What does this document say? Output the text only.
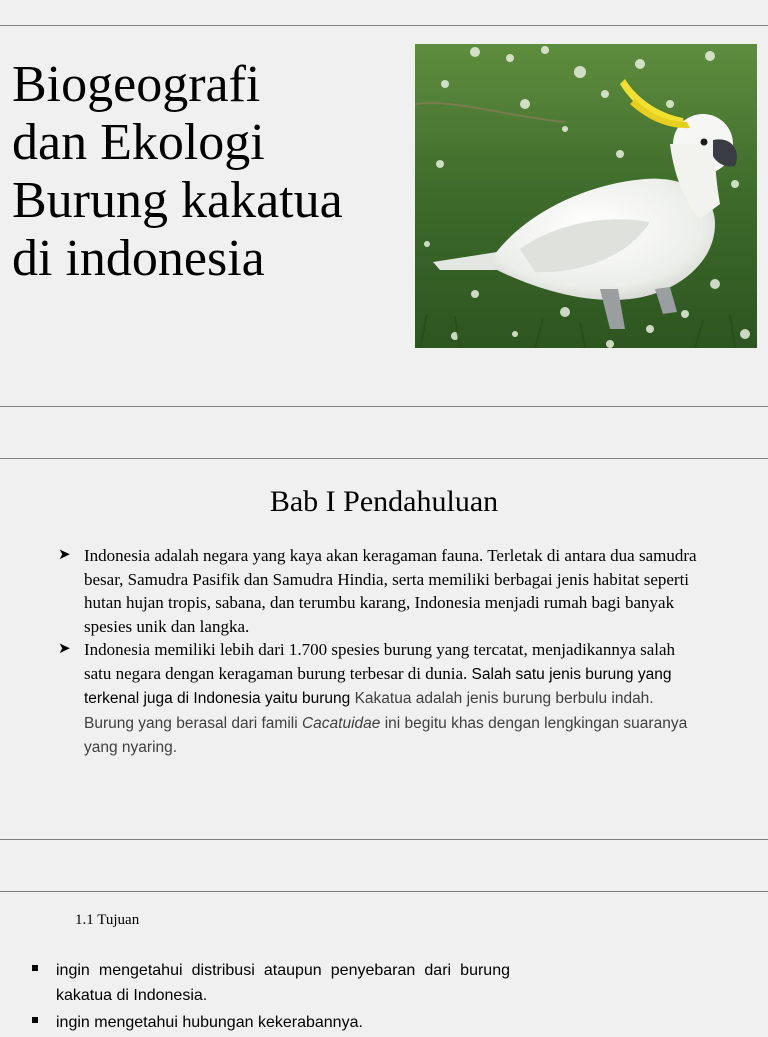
Biogeografi
dan Ekologi
Burung kakatua
di indonesia
Bab I Pendahuluan
➤ Indonesia adalah negara yang kaya akan keragaman fauna. Terletak di antara dua samudra besar, Samudra Pasifik dan Samudra Hindia, serta memiliki berbagai jenis habitat seperti hutan hujan tropis, sabana, dan terumbu karang, Indonesia menjadi rumah bagi banyak spesies unik dan langka.
➤ Indonesia memiliki lebih dari 1.700 spesies burung yang tercatat, menjadikannya salah satu negara dengan keragaman burung terbesar di dunia. Salah satu jenis burung yang terkenal juga di Indonesia yaitu burung Kakatua adalah jenis burung berbulu indah. Burung yang berasal dari famili Cacatuidae ini begitu khas dengan lengkingan suaranya yang nyaring.
1.1 Tujuan
ingin mengetahui distribusi ataupun penyebaran dari burung kakatua di Indonesia.
ingin mengetahui hubungan kekerabannya.
